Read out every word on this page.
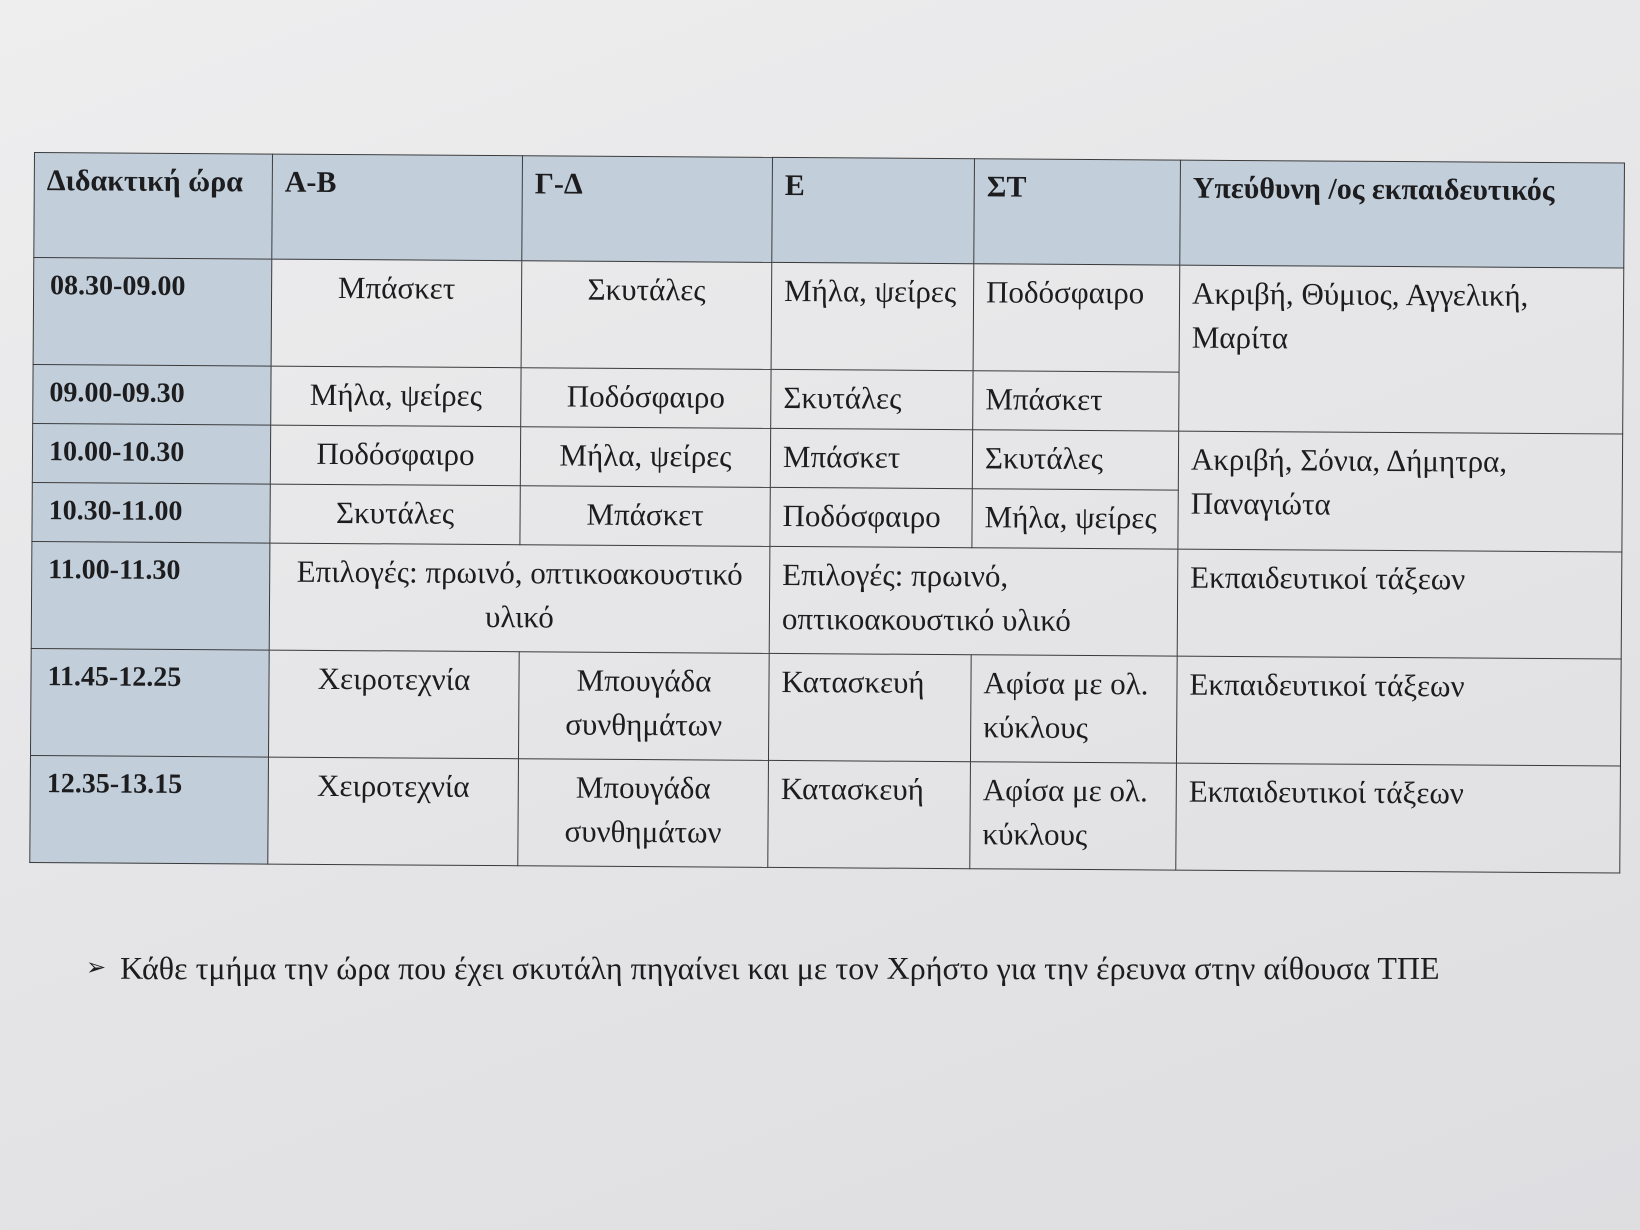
Διδακτική ώρα	Α-Β	Γ-Δ	Ε	ΣΤ	Υπεύθυνη /ος εκπαιδευτικός
08.30-09.00	Μπάσκετ	Σκυτάλες	Μήλα, ψείρες	Ποδόσφαιρο	Ακριβή, Θύμιος, Αγγελική, Μαρίτα
09.00-09.30	Μήλα, ψείρες	Ποδόσφαιρο	Σκυτάλες	Μπάσκετ	
10.00-10.30	Ποδόσφαιρο	Μήλα, ψείρες	Μπάσκετ	Σκυτάλες	Ακριβή, Σόνια, Δήμητρα, Παναγιώτα
10.30-11.00	Σκυτάλες	Μπάσκετ	Ποδόσφαιρο	Μήλα, ψείρες	
11.00-11.30	Επιλογές: πρωινό, οπτικοακουστικό υλικό		Επιλογές: πρωινό, οπτικοακουστικό υλικό		Εκπαιδευτικοί τάξεων
11.45-12.25	Χειροτεχνία	Μπουγάδα συνθημάτων	Κατασκευή	Αφίσα με ολ. κύκλους	Εκπαιδευτικοί τάξεων
12.35-13.15	Χειροτεχνία	Μπουγάδα συνθημάτων	Κατασκευή	Αφίσα με ολ. κύκλους	Εκπαιδευτικοί τάξεων
➢ Κάθε τμήμα την ώρα που έχει σκυτάλη πηγαίνει και με τον Χρήστο για την έρευνα στην αίθουσα ΤΠΕ
